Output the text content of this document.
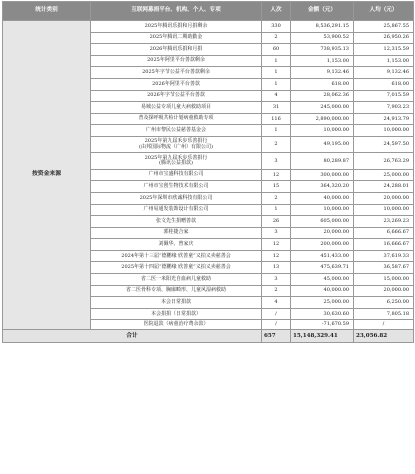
统计类别	互联网募捐平台、机构、个人、专项	人次	金额（元）	人均（元）
按资金来源	2025年腾讯乐捐和月捐剩余	330	8,536,291.15	25,867.55

	2025年腾讯二期助勤金	2	53,900.52	26,950.26

	2026年腾讯乐捐和月捐	60	738,935.13	12,315.59

	2025年阿里平台善款剩余	1	1,153.00	1,153.00

	2025年字节公益平台善款剩余	1	9,132.46	9,132.46

	2026年阿里平台善款	1	618.00	618.00

	2026年字节公益平台善款	4	28,062.36	7,015.59

	易城公益专项儿童大病救助项目	31	245,000.00	7,903.23

	普及探呼吸共检计划病童救助专项	116	2,890,000.00	24,913.79

	广州市黎民公益慈善基金会	1	10,000.00	10,000.00

	2025年第九届禾步乐善捐行
(由邦国际物流（广州）有限公司)	2	49,195.00	24,597.50

	2025年第九届禾步乐善捐行
(腾讯公益捐款)	3	80,289.87	26,763.29

	广州市宝盛科技有限公司	12	300,000.00	25,000.00

	广州市宝创生物技术有限公司	15	364,320.20	24,288.01

	2025年深圳市欣诚科技有限公司	2	40,000.00	20,000.00

	广州易通发装饰设计有限公司	1	10,000.00	10,000.00

	张文先生捐赠善款	26	605,000.00	23,269.23

	郭桂捷合家	3	20,000.00	6,666.67

	刘佩华、曾家庆	12	200,000.00	16,666.67

	2024年第十三届“德鹏缘 欣善童”义拍义卖慈善会	12	451,433.00	37,619.33

	2025年第十四届“德鹏缘 欣善童”义拍义卖慈善会	13	475,639.71	36,587.67

	省二医一米阳光自血病儿童救助	3	45,000.00	15,000.00

	省二医骨科专项、胸廓畸形、儿童风湿病救助	2	40,000.00	20,000.00

	本会日常捐款	4	25,000.00	6,250.00

	本会捐捐（日常捐款）	/	30,630.60	7,805.18

	医院退款（病童治疗费余款）	/	-71,670.59	/
合计		657	15,148,329.41	23,056.82
